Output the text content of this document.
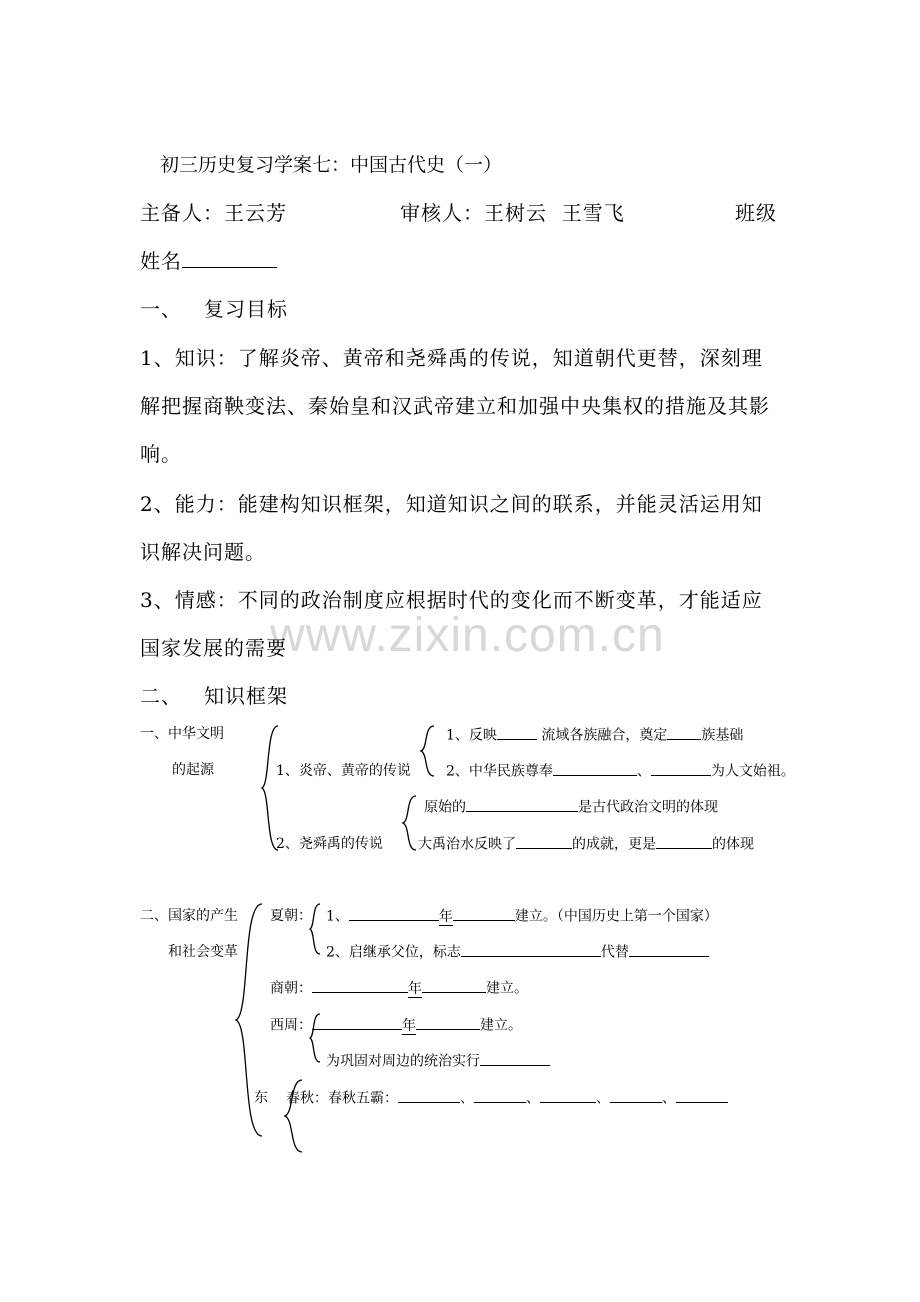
www.zixin.com.cn
初三历史复习学案七：中国古代史（一）
主备人：王云芳	审核人：王树云  王雪飞	班级
姓名
一、 复习目标
1、知识：了解炎帝、黄帝和尧舜禹的传说，知道朝代更替，深刻理
解把握商鞅变法、秦始皇和汉武帝建立和加强中央集权的措施及其影
响。
2、能力：能建构知识框架，知道知识之间的联系，并能灵活运用知
识解决问题。
3、情感：不同的政治制度应根据时代的变化而不断变革，才能适应
国家发展的需要
二、 知识框架
一、中华文明
的起源	1、炎帝、黄帝的传说
1、反映	流域各族融合，奠定 族基础
2、中华民族尊奉	、	为人文始祖。
2、尧舜禹的传说
原始的	是古代政治文明的体现
大禹治水反映了	的成就，更是	的体现
二、国家的产生
和社会变革
夏朝： 1、	年	建立。（中国历史上第一个国家）
2、启继承父位，标志	代替
商朝：	年	建立。
西周：	年	建立。
为巩固对周边的统治实行
东 春秋：春秋五霸：	、	、	、	、
